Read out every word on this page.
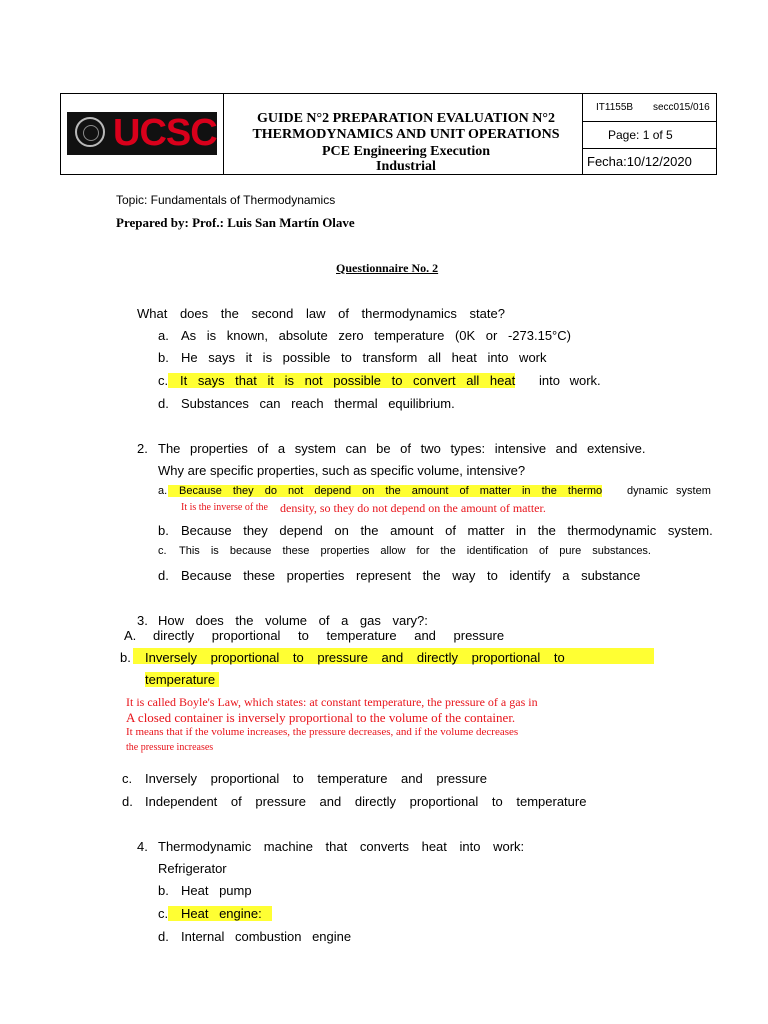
UCSC	GUIDE N°2 PREPARATION EVALUATION N°2
THERMODYNAMICS AND UNIT OPERATIONS
PCE Engineering Execution
Industrial
IT1155B secc015/016
Page: 1 of 5
Fecha:10/12/2020
Topic: Fundamentals of Thermodynamics
Prepared by: Prof.: Luis San Martín Olave
Questionnaire No. 2
What does the second law of thermodynamics state?
a. As is known, absolute zero temperature (0K or -273.15°C)
b. He says it is possible to transform all heat into work
c. It says that it is not possible to convert all heat into work.
d. Substances can reach thermal equilibrium.
2. The properties of a system can be of two types: intensive and extensive.
Why are specific properties, such as specific volume, intensive?
a.	Because they do not depend on the amount of matter in the thermo dynamic system
It is the inverse of the density, so they do not depend on the amount of matter.
b. Because they depend on the amount of matter in the thermodynamic system.
c. This is because these properties allow for the identification of pure substances.
d. Because these properties represent the way to identify a substance
3. How does the volume of a gas vary?:
A. directly proportional to temperature and pressure
b. Inversely proportional to pressure and directly proportional to
temperature
It is called Boyle's Law, which states: at constant temperature, the pressure of a gas in
A closed container is inversely proportional to the volume of the container.
It means that if the volume increases, the pressure decreases, and if the volume decreases
the pressure increases
c. Inversely proportional to temperature and pressure
d. Independent of pressure and directly proportional to temperature
4. Thermodynamic machine that converts heat into work:
Refrigerator
b. Heat pump
c. Heat engine:
d. Internal combustion engine
